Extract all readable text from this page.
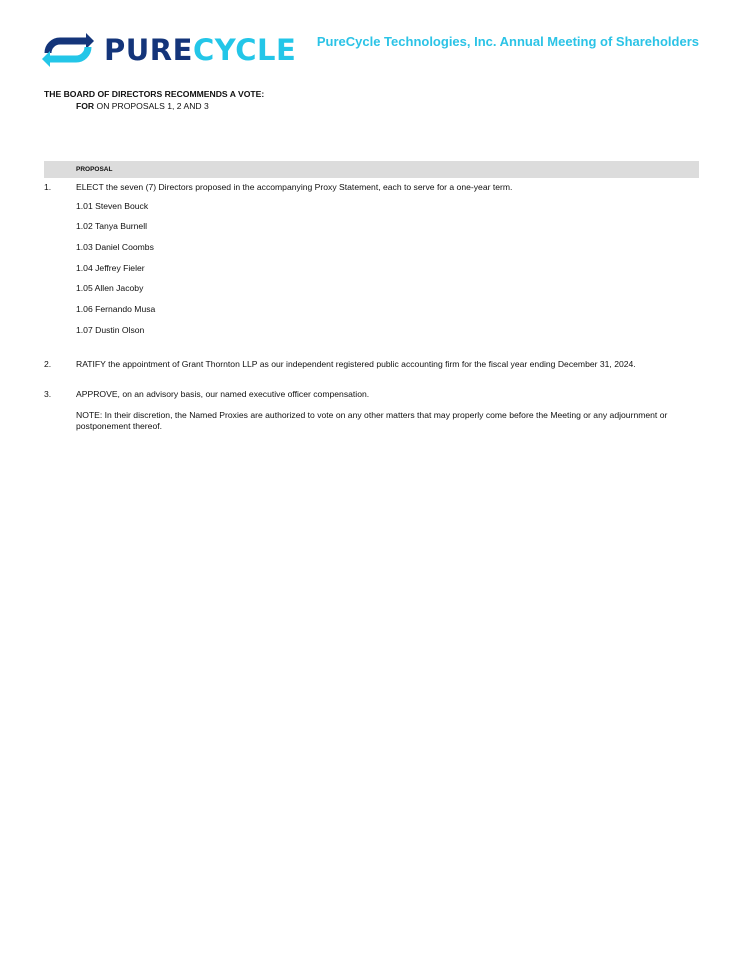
PURECYCLE PureCycle Technologies, Inc. Annual Meeting of Shareholders
THE BOARD OF DIRECTORS RECOMMENDS A VOTE:
FOR ON PROPOSALS 1, 2 AND 3
PROPOSAL
1.	ELECT the seven (7) Directors proposed in the accompanying Proxy Statement, each to serve for a one-year term.
1.01 Steven Bouck
1.02 Tanya Burnell
1.03 Daniel Coombs
1.04 Jeffrey Fieler
1.05 Allen Jacoby
1.06 Fernando Musa
1.07 Dustin Olson
2.	RATIFY the appointment of Grant Thornton LLP as our independent registered public accounting firm for the fiscal year ending December 31, 2024.
3.	APPROVE, on an advisory basis, our named executive officer compensation.
NOTE: In their discretion, the Named Proxies are authorized to vote on any other matters that may properly come before the Meeting or any adjournment or postponement thereof.
